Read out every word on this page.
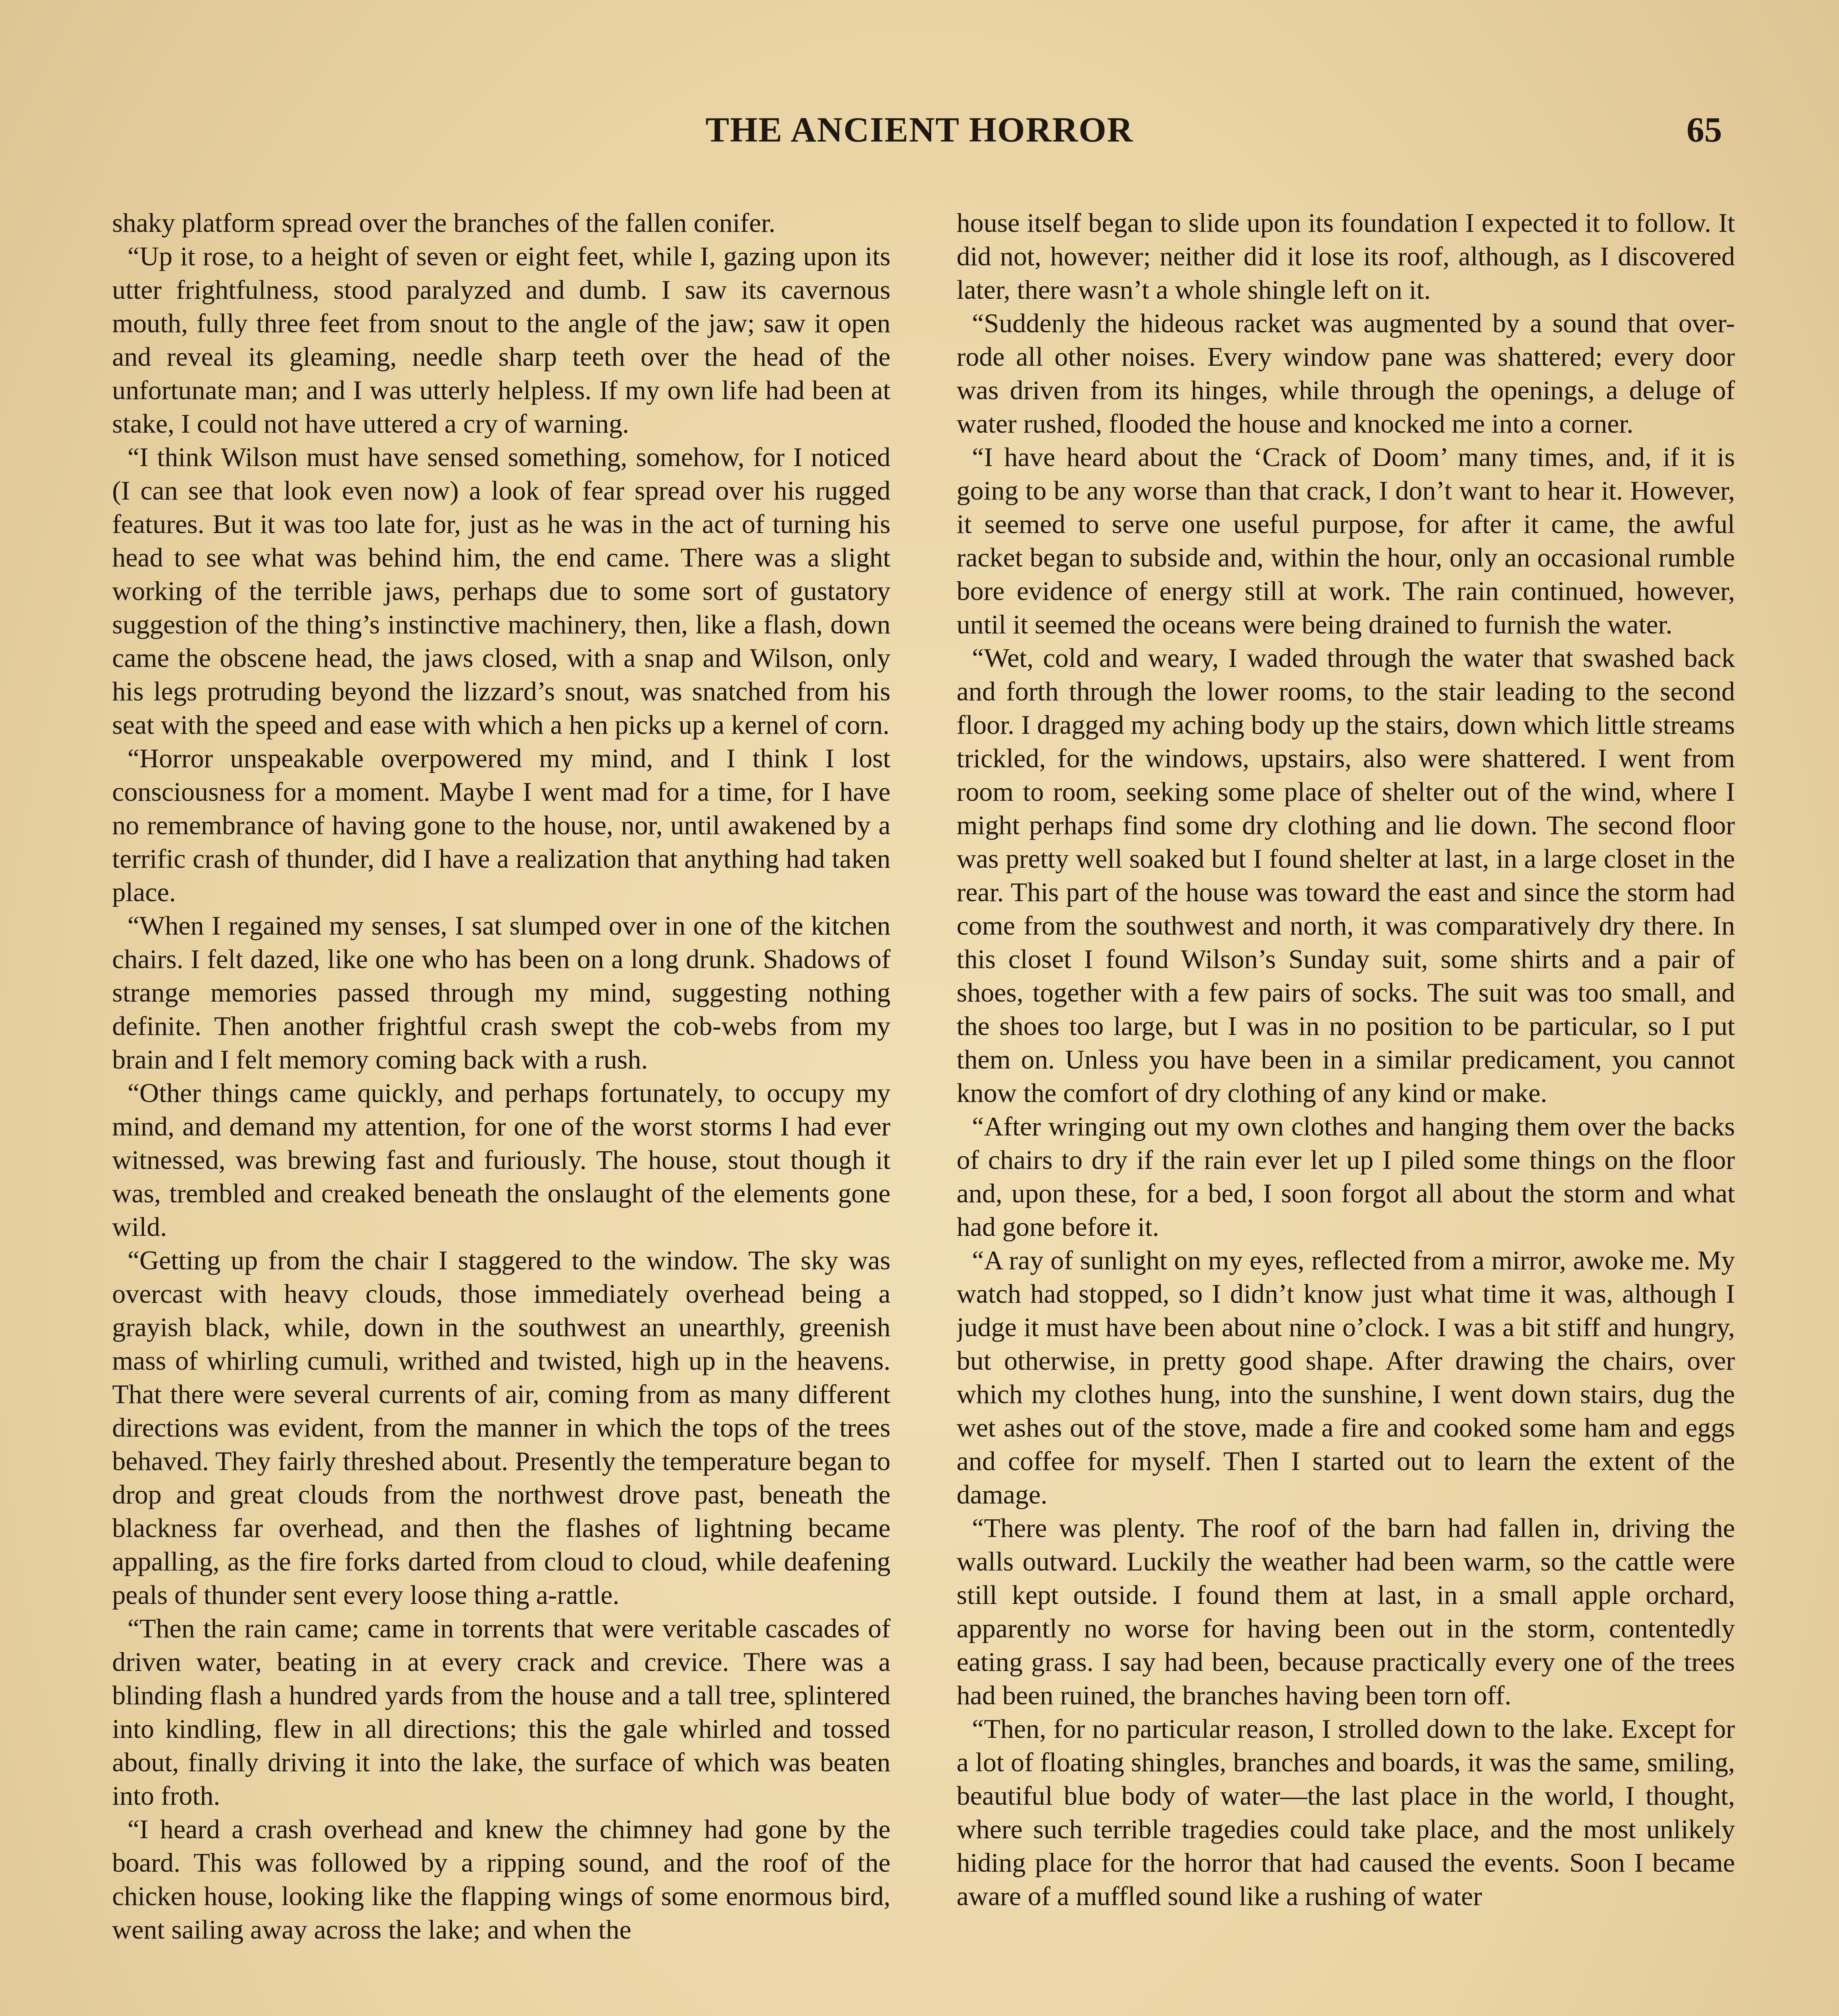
THE ANCIENT HORROR	65

shaky platform spread over the branches of the fallen conifer.

“Up it rose, to a height of seven or eight feet, while I, gazing upon its utter frightfulness, stood paralyzed and dumb. I saw its cavernous mouth, fully three feet from snout to the angle of the jaw; saw it open and reveal its gleaming, needle sharp teeth over the head of the unfortunate man; and I was utterly helpless. If my own life had been at stake, I could not have uttered a cry of warning.

“I think Wilson must have sensed something, somehow, for I noticed (I can see that look even now) a look of fear spread over his rugged features. But it was too late for, just as he was in the act of turning his head to see what was behind him, the end came. There was a slight working of the terrible jaws, perhaps due to some sort of gustatory suggestion of the thing’s instinctive machinery, then, like a flash, down came the obscene head, the jaws closed, with a snap and Wilson, only his legs protruding beyond the lizzard’s snout, was snatched from his seat with the speed and ease with which a hen picks up a kernel of corn.

“Horror unspeakable overpowered my mind, and I think I lost consciousness for a moment. Maybe I went mad for a time, for I have no remembrance of having gone to the house, nor, until awakened by a terrific crash of thunder, did I have a realization that anything had taken place.

“When I regained my senses, I sat slumped over in one of the kitchen chairs. I felt dazed, like one who has been on a long drunk. Shadows of strange memories passed through my mind, suggesting nothing definite. Then another frightful crash swept the cob-webs from my brain and I felt memory coming back with a rush.

“Other things came quickly, and perhaps fortunately, to occupy my mind, and demand my attention, for one of the worst storms I had ever witnessed, was brewing fast and furiously. The house, stout though it was, trembled and creaked beneath the onslaught of the elements gone wild.

“Getting up from the chair I staggered to the window. The sky was overcast with heavy clouds, those immediately overhead being a grayish black, while, down in the southwest an unearthly, greenish mass of whirling cumuli, writhed and twisted, high up in the heavens. That there were several currents of air, coming from as many different directions was evident, from the manner in which the tops of the trees behaved. They fairly threshed about. Presently the temperature began to drop and great clouds from the northwest drove past, beneath the blackness far overhead, and then the flashes of lightning became appalling, as the fire forks darted from cloud to cloud, while deafening peals of thunder sent every loose thing a-rattle.

“Then the rain came; came in torrents that were veritable cascades of driven water, beating in at every crack and crevice. There was a blinding flash a hundred yards from the house and a tall tree, splintered into kindling, flew in all directions; this the gale whirled and tossed about, finally driving it into the lake, the surface of which was beaten into froth.

“I heard a crash overhead and knew the chimney had gone by the board. This was followed by a ripping sound, and the roof of the chicken house, looking like the flapping wings of some enormous bird, went sailing away across the lake; and when the

house itself began to slide upon its foundation I expected it to follow. It did not, however; neither did it lose its roof, although, as I discovered later, there wasn’t a whole shingle left on it.

“Suddenly the hideous racket was augmented by a sound that over-rode all other noises. Every window pane was shattered; every door was driven from its hinges, while through the openings, a deluge of water rushed, flooded the house and knocked me into a corner.

“I have heard about the ‘Crack of Doom’ many times, and, if it is going to be any worse than that crack, I don’t want to hear it. However, it seemed to serve one useful purpose, for after it came, the awful racket began to subside and, within the hour, only an occasional rumble bore evidence of energy still at work. The rain continued, however, until it seemed the oceans were being drained to furnish the water.

“Wet, cold and weary, I waded through the water that swashed back and forth through the lower rooms, to the stair leading to the second floor. I dragged my aching body up the stairs, down which little streams trickled, for the windows, upstairs, also were shattered. I went from room to room, seeking some place of shelter out of the wind, where I might perhaps find some dry clothing and lie down. The second floor was pretty well soaked but I found shelter at last, in a large closet in the rear. This part of the house was toward the east and since the storm had come from the southwest and north, it was comparatively dry there. In this closet I found Wilson’s Sunday suit, some shirts and a pair of shoes, together with a few pairs of socks. The suit was too small, and the shoes too large, but I was in no position to be particular, so I put them on. Unless you have been in a similar predicament, you cannot know the comfort of dry clothing of any kind or make.

“After wringing out my own clothes and hanging them over the backs of chairs to dry if the rain ever let up I piled some things on the floor and, upon these, for a bed, I soon forgot all about the storm and what had gone before it.

“A ray of sunlight on my eyes, reflected from a mirror, awoke me. My watch had stopped, so I didn’t know just what time it was, although I judge it must have been about nine o’clock. I was a bit stiff and hungry, but otherwise, in pretty good shape. After drawing the chairs, over which my clothes hung, into the sunshine, I went down stairs, dug the wet ashes out of the stove, made a fire and cooked some ham and eggs and coffee for myself. Then I started out to learn the extent of the damage.

“There was plenty. The roof of the barn had fallen in, driving the walls outward. Luckily the weather had been warm, so the cattle were still kept outside. I found them at last, in a small apple orchard, apparently no worse for having been out in the storm, contentedly eating grass. I say had been, because practically every one of the trees had been ruined, the branches having been torn off.

“Then, for no particular reason, I strolled down to the lake. Except for a lot of floating shingles, branches and boards, it was the same, smiling, beautiful blue body of water—the last place in the world, I thought, where such terrible tragedies could take place, and the most unlikely hiding place for the horror that had caused the events. Soon I became aware of a muffled sound like a rushing of water
